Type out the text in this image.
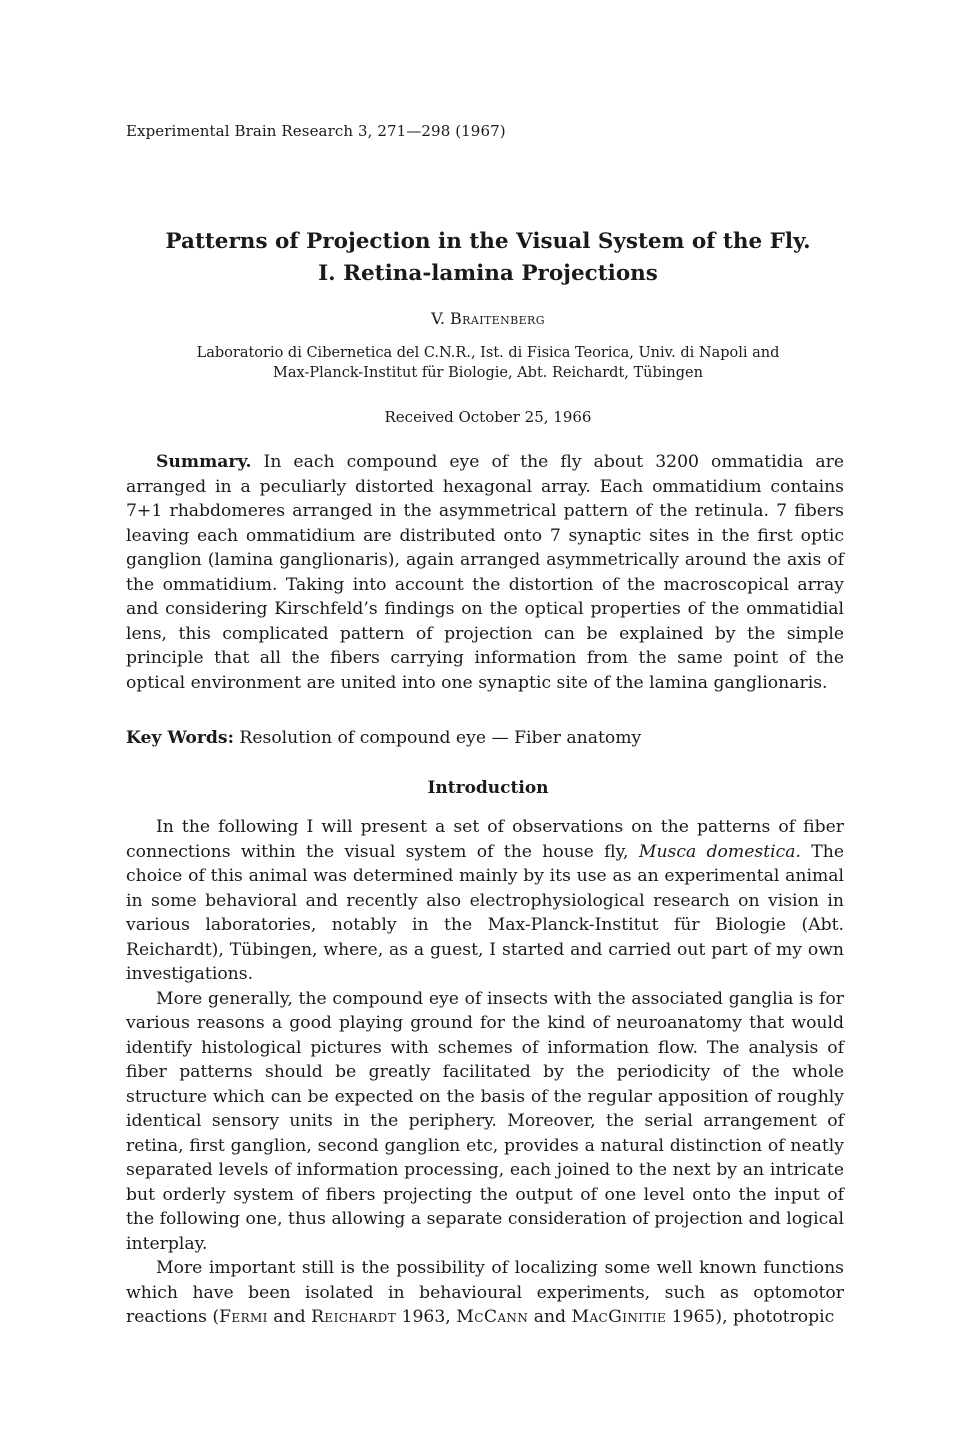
Experimental Brain Research 3, 271—298 (1967)
Patterns of Projection in the Visual System of the Fly.
I. Retina-lamina Projections
V. Braitenberg
Laboratorio di Cibernetica del C.N.R., Ist. di Fisica Teorica, Univ. di Napoli and
Max-Planck-Institut für Biologie, Abt. Reichardt, Tübingen
Received October 25, 1966

Summary. In each compound eye of the fly about 3200 ommatidia are arranged in a peculiarly distorted hexagonal array. Each ommatidium contains 7+1 rhabdomeres arranged in the asymmetrical pattern of the retinula. 7 fibers leaving each ommatidium are distributed onto 7 synaptic sites in the first optic ganglion (lamina ganglionaris), again arranged asymmetrically around the axis of the ommatidium. Taking into account the distortion of the macroscopical array and considering Kirschfeld’s findings on the optical properties of the ommatidial lens, this complicated pattern of projection can be explained by the simple principle that all the fibers carrying information from the same point of the optical environment are united into one synaptic site of the lamina ganglionaris.

Key Words: Resolution of compound eye — Fiber anatomy

Introduction

In the following I will present a set of observations on the patterns of fiber connections within the visual system of the house fly, Musca domestica. The choice of this animal was determined mainly by its use as an experimental animal in some behavioral and recently also electrophysiological research on vision in various laboratories, notably in the Max-Planck-Institut für Biologie (Abt. Reichardt), Tübingen, where, as a guest, I started and carried out part of my own investigations.

More generally, the compound eye of insects with the associated ganglia is for various reasons a good playing ground for the kind of neuroanatomy that would identify histological pictures with schemes of information flow. The analysis of fiber patterns should be greatly facilitated by the periodicity of the whole structure which can be expected on the basis of the regular apposition of roughly identical sensory units in the periphery. Moreover, the serial arrangement of retina, first ganglion, second ganglion etc, provides a natural distinction of neatly separated levels of information processing, each joined to the next by an intricate but orderly system of fibers projecting the output of one level onto the input of the following one, thus allowing a separate consideration of projection and logical interplay.

More important still is the possibility of localizing some well known functions which have been isolated in behavioural experiments, such as optomotor reactions (Fermi and Reichardt 1963, McCann and MacGinitie 1965), phototropic
